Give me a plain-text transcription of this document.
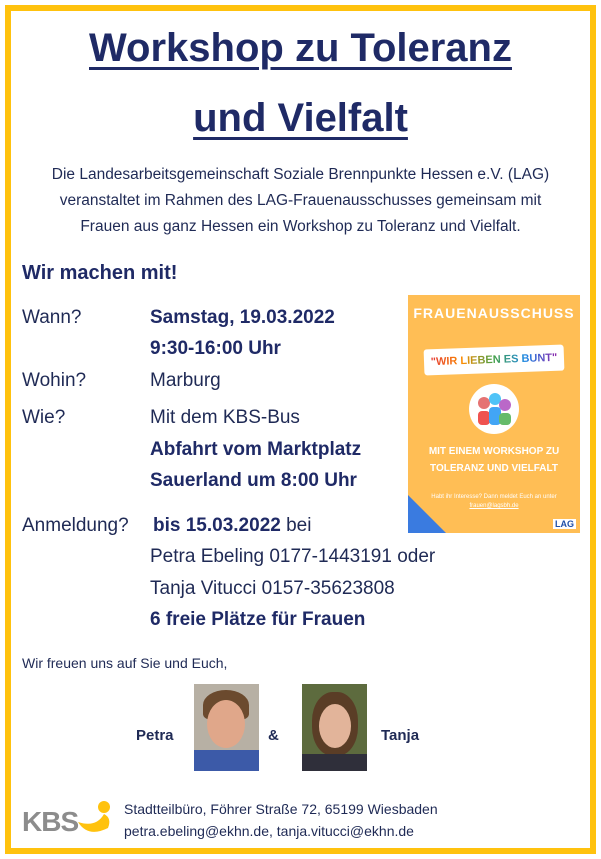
Workshop zu Toleranz
und Vielfalt
Die Landesarbeitsgemeinschaft Soziale Brennpunkte Hessen e.V. (LAG)
veranstaltet im Rahmen des LAG-Frauenausschusses gemeinsam mit
Frauen aus ganz Hessen ein Workshop zu Toleranz und Vielfalt.
Wir machen mit!
Wann?	Samstag, 19.03.2022
9:30-16:00 Uhr
Wohin?	Marburg
Wie?	Mit dem KBS-Bus
Abfahrt vom Marktplatz
Sauerland um 8:00 Uhr
Anmeldung? bis 15.03.2022 bei
Petra Ebeling 0177-1443191 oder
Tanja Vitucci 0157-35623808
6 freie Plätze für Frauen
FRAUENAUSSCHUSS
"WIR LIEBEN ES BUNT"
MIT EINEM WORKSHOP ZU
TOLERANZ UND VIELFALT
Habt ihr Interesse? Dann meldet Euch an unter
frauen@lagsbh.de
LAG
Wir freuen uns auf Sie und Euch,
Petra	&	Tanja
KBS	Stadtteilbüro, Föhrer Straße 72, 65199 Wiesbaden
petra.ebeling@ekhn.de, tanja.vitucci@ekhn.de
